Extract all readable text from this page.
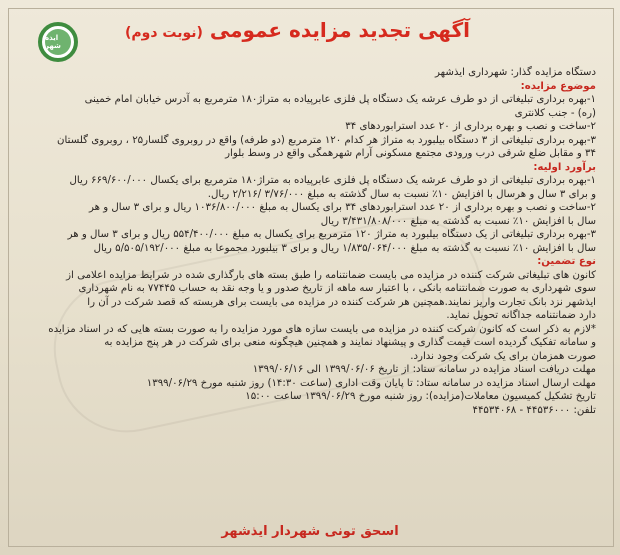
ایذه شهر
آگهی تجدید مزایده عمومی (نوبت دوم)

دستگاه مزایده گذار: شهرداری ایذشهر

موضوع مزایده:

۱-بهره برداری تبلیغاتی از دو طرف عرشه یک دستگاه پل فلزی عابرپیاده به متراژ۱۸۰ مترمربع به آدرس خیابان امام خمینی

(ره) - جنب کلانتری

۲-ساخت و نصب و بهره برداری از ۲۰ عدد استرابوردهای ۳۴

۳-بهره برداری تبلیغاتی از ۳ دستگاه بیلبورد به متراژ هر کدام ۱۲۰ مترمربع (دو طرفه) واقع در روبروی گلسار۲۵ ، روبروی گلستان

۳۴ و مقابل ضلع شرقی درب ورودی مجتمع مسکونی آرام شهرهمگی واقع در وسط بلوار

برآورد اولیه:

۱-بهره برداری تبلیغاتی از دو طرف عرشه یک دستگاه پل فلزی عابرپیاده به متراژ۱۸۰ مترمربع برای یکسال ۶۶۹/۶۰۰/۰۰۰ ریال

و برای ۳ سال و هرسال با افزایش ۱۰٪ نسبت به سال گذشته به مبلغ ۳/۷۶/۰۰۰ /۲/۲۱۶ ریال.

۲-ساخت و نصب و بهره برداری از ۲۰ عدد استرابوردهای ۳۴ برای یکسال به مبلغ ۱۰۳۶/۸۰۰/۰۰۰ ریال و برای ۳ سال و هر

سال با افزایش ۱۰٪ نسبت به گذشته به مبلغ ۳/۴۳۱/۸۰۸/۰۰۰ ریال

۳-بهره برداری تبلیغاتی از یک دستگاه بیلبورد به متراژ ۱۲۰ مترمربع برای یکسال به مبلغ ۵۵۴/۴۰۰/۰۰۰ ریال و برای ۳ سال و هر

سال با افزایش ۱۰٪ نسبت به گذشته به مبلغ ۱/۸۳۵/۰۶۴/۰۰۰ ریال و برای ۳ بیلبورد مجموعا به مبلغ ۵/۵۰۵/۱۹۲/۰۰۰ ریال

نوع تضمین:

کانون های تبلیغاتی شرکت کننده در مزایده می بایست ضمانتنامه را طبق بسته های بارگذاری شده در شرایط مزایده اعلامی از

سوی شهرداری به صورت ضمانتنامه بانکی ، با اعتبار سه ماهه از تاریخ صدور و یا وجه نقد به حساب ۷۷۴۴۵ به نام شهرداری

ایذشهر نزد بانک تجارت واریز نمایند.همچنین هر شرکت کننده در مزایده می بایست برای هربسته که قصد شرکت در آن را

دارد ضمانتنامه جداگانه تحویل نماید.

*لازم به ذکر است که کانون شرکت کننده در مزایده می بایست سازه های مورد مزایده را به صورت بسته هایی که در اسناد مزایده

و سامانه تفکیک گردیده است قیمت گذاری و پیشنهاد نمایند و همچنین هیچگونه منعی برای شرکت در هر پنج مزایده به

صورت همزمان برای یک شرکت وجود ندارد.

مهلت دریافت اسناد مزایده در سامانه ستاد: از تاریخ ۱۳۹۹/۰۶/۰۶ الی ۱۳۹۹/۰۶/۱۶

مهلت ارسال اسناد مزایده در سامانه ستاد: تا پایان وقت اداری (ساعت ۱۴:۳۰) روز شنبه مورخ ۱۳۹۹/۰۶/۲۹

تاریخ تشکیل کمیسیون معاملات(مزایده): روز شنبه مورخ ۱۳۹۹/۰۶/۲۹ ساعت ۱۵:۰۰

تلفن: ۴۴۵۳۶۰۰۰ - ۴۴۵۳۴۰۶۸

اسحق تونی شهردار ایذشهر
